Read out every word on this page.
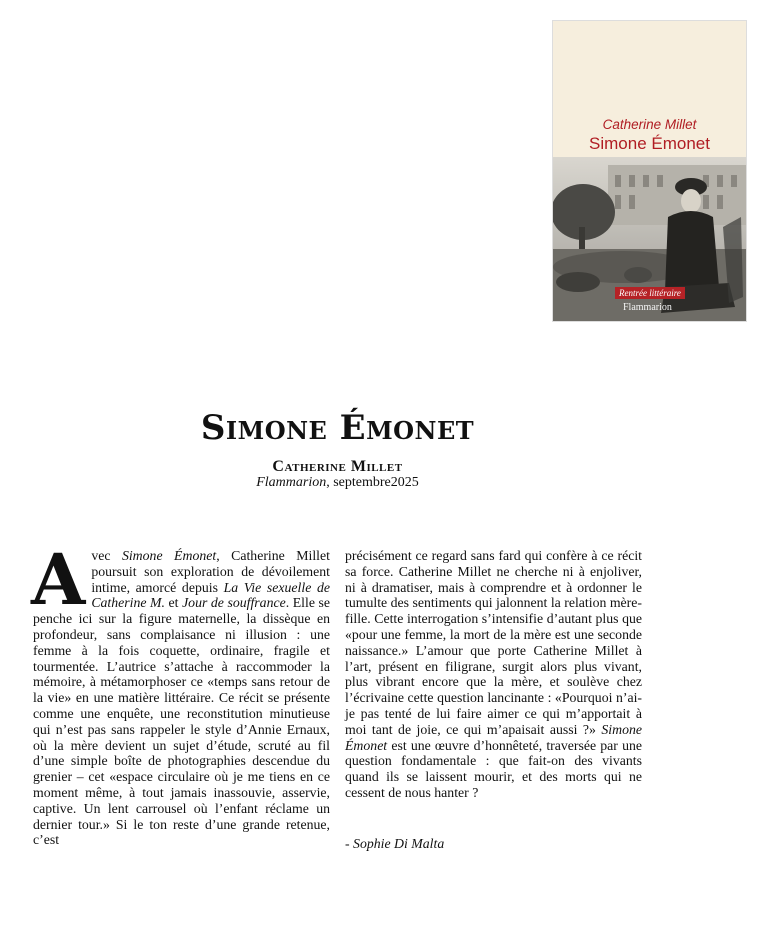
Catherine Millet
Simone Émonet
Rentrée littéraire
Flammarion
Simone Émonet
Catherine Millet
Flammarion, septembre2025

Avec Simone Émonet, Catherine Millet poursuit son exploration de dévoilement intime, amorcé depuis La Vie sexuelle de Catherine M. et Jour de souffrance. Elle se penche ici sur la figure maternelle, la dissèque en profondeur, sans complaisance ni illusion : une femme à la fois coquette, ordinaire, fragile et tourmentée. L’autrice s’attache à raccommoder la mémoire, à métamorphoser ce «temps sans retour de la vie» en une matière littéraire. Ce récit se présente comme une enquête, une reconstitution minutieuse qui n’est pas sans rappeler le style d’Annie Ernaux, où la mère devient un sujet d’étude, scruté au fil d’une simple boîte de photographies descendue du grenier – cet «espace circulaire où je me tiens en ce moment même, à tout jamais inassouvie, asservie, captive. Un lent carrousel où l’enfant réclame un dernier tour.» Si le ton reste d’une grande retenue, c’est

précisément ce regard sans fard qui confère à ce récit sa force. Catherine Millet ne cherche ni à enjoliver, ni à dramatiser, mais à comprendre et à ordonner le tumulte des sentiments qui jalonnent la relation mère-fille. Cette interrogation s’intensifie d’autant plus que «pour une femme, la mort de la mère est une seconde naissance.» L’amour que porte Catherine Millet à l’art, présent en filigrane, surgit alors plus vivant, plus vibrant encore que la mère, et soulève chez l’écrivaine cette question lancinante : «Pourquoi n’ai-je pas tenté de lui faire aimer ce qui m’apportait à moi tant de joie, ce qui m’apaisait aussi ?» Simone Émonet est une œuvre d’honnêteté, traversée par une question fondamentale : que fait-on des vivants quand ils se laissent mourir, et des morts qui ne cessent de nous hanter ?

- Sophie Di Malta
